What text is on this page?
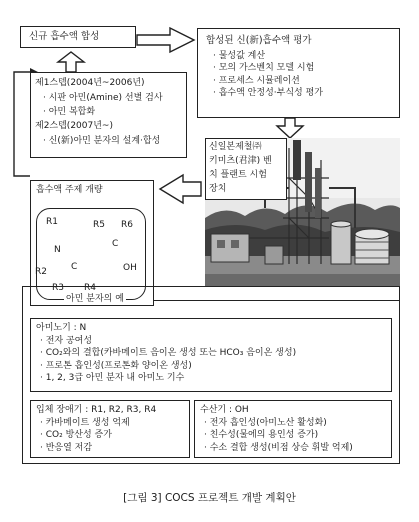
신규 흡수액 합성	합성된 신(新)흡수액 평가
· 물성값 계산
· 모의 가스벤치 모델 시험
· 프로세스 시뮬레이션
· 흡수액 안정성·부식성 평가
제1스텝(2004년~2006년)
· 시판 아민(Amine) 선별 검사
· 아민 복합화
제2스텝(2007년~)
· 신(新)아민 분자의 설계·합성
신일본제철㈜
키미츠(君津) 벤
치 플랜트 시험
장치
흡수액 주제 개량
R1
N
R2	C
R3 R4
R5 R6
C
OH
아민 분자의 예
아미노기 : N
· 전자 공여성
· CO₂와의 결합(카바메이트 음이온 생성 또는 HCO₃ 음이온 생성)
· 프로톤 흡인성(프로톤화 양이온 생성)
· 1, 2, 3급 아민 분자 내 아미노 기수
입체 장애기 : R1, R2, R3, R4
· 카바메이트 생성 억제
· CO₂ 방산성 증가
· 반응열 저감
수산기 : OH
· 전자 흡인성(아미노산 활성화)
· 친수성(물에의 용인성 증가)
· 수소 결합 생성(비점 상승 휘발 억제)
[그림 3] COCS 프로젝트 개발 계획안
